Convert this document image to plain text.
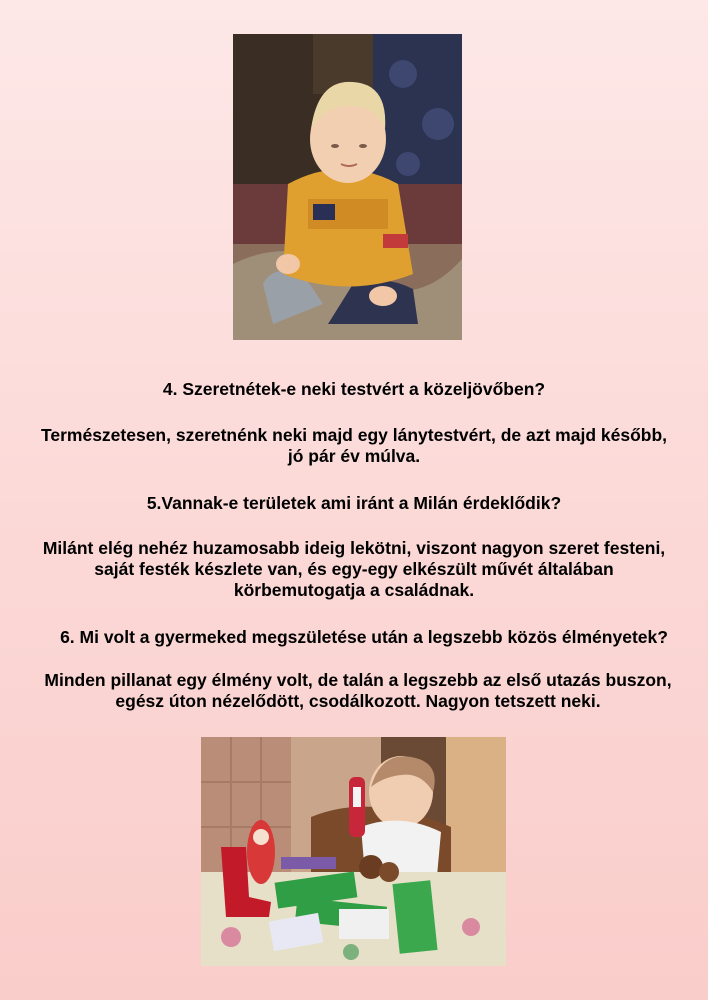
4. Szeretnétek-e neki testvért a közeljövőben?
Természetesen, szeretnénk neki majd egy lánytestvért, de azt majd később,
jó pár év múlva.
5.Vannak-e területek ami iránt a Milán érdeklődik?
Milánt elég nehéz huzamosabb ideig lekötni, viszont nagyon szeret festeni,
saját festék készlete van, és egy-egy elkészült művét általában
körbemutogatja a családnak.
6. Mi volt a gyermeked megszületése után a legszebb közös élményetek?
Minden pillanat egy élmény volt, de talán a legszebb az első utazás buszon,
egész úton nézelődött, csodálkozott. Nagyon tetszett neki.
